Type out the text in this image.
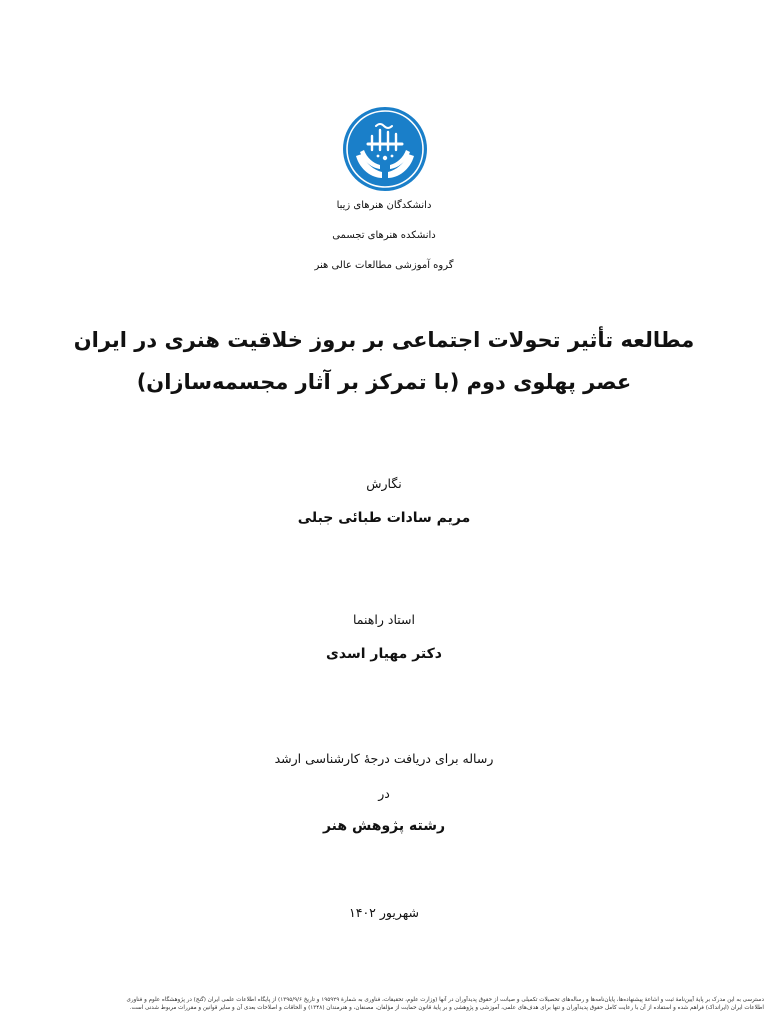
دانشکدگان هنرهای زیبا
دانشکده هنرهای تجسمی
گروه آموزشی مطالعات عالی هنر
مطالعه تأثیر تحولات اجتماعی بر بروز خلاقیت هنری در ایران
عصر پهلوی دوم (با تمرکز بر آثار مجسمه‌سازان)
نگارش
مریم سادات طبائی جبلی
استاد راهنما
دکتر مهیار اسدی
رساله برای دریافت درجهٔ کارشناسی ارشد
در
رشته پژوهش هنر
شهریور ۱۴۰۲
دسترسی به این مدرک بر پایهٔ آیین‌نامهٔ ثبت و اشاعهٔ پیشنهاده‌ها، پایان‌نامه‌ها و رساله‌های تحصیلات تکمیلی و صیانت از حقوق پدیدآوران در آنها (وزارت علوم، تحقیقات، فناوری به شمارهٔ ۱۹۵۹۲۹ و تاریخ ۱۳۹۵/۹/۶) از پایگاه اطلاعات علمی ایران (گنج) در پژوهشگاه علوم و فناوری
اطلاعات ایران (ایرانداک) فراهم شده و استفاده از آن با رعایت کامل حقوق پدیدآوران و تنها برای هدف‌های علمی، آموزشی و پژوهشی و بر پایهٔ قانون حمایت از مؤلفان، مصنفان، و هنرمندان (۱۳۴۸) و الحاقات و اصلاحات بعدی آن و سایر قوانین و مقررات مربوط شدنی است.
